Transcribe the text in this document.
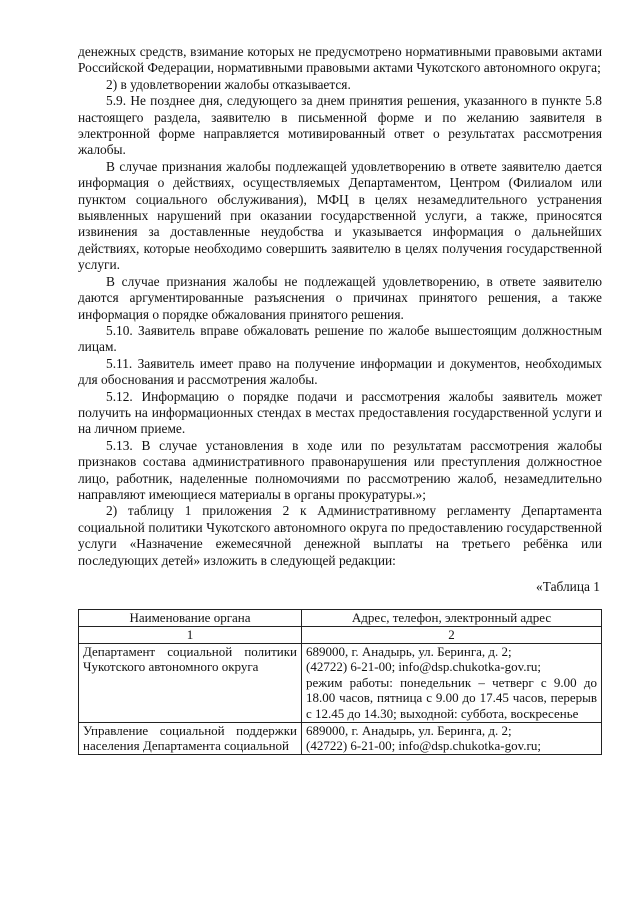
денежных средств, взимание которых не предусмотрено нормативными правовыми актами Российской Федерации, нормативными правовыми актами Чукотского автономного округа;

2) в удовлетворении жалобы отказывается.

5.9. Не позднее дня, следующего за днем принятия решения, указанного в пункте 5.8 настоящего раздела, заявителю в письменной форме и по желанию заявителя в электронной форме направляется мотивированный ответ о результатах рассмотрения жалобы.

В случае признания жалобы подлежащей удовлетворению в ответе заявителю дается информация о действиях, осуществляемых Департаментом, Центром (Филиалом или пунктом социального обслуживания), МФЦ в целях незамедлительного устранения выявленных нарушений при оказании государственной услуги, а также, приносятся извинения за доставленные неудобства и указывается информация о дальнейших действиях, которые необходимо совершить заявителю в целях получения государственной услуги.

В случае признания жалобы не подлежащей удовлетворению, в ответе заявителю даются аргументированные разъяснения о причинах принятого решения, а также информация о порядке обжалования принятого решения.

5.10. Заявитель вправе обжаловать решение по жалобе вышестоящим должностным лицам.

5.11. Заявитель имеет право на получение информации и документов, необходимых для обоснования и рассмотрения жалобы.

5.12. Информацию о порядке подачи и рассмотрения жалобы заявитель может получить на информационных стендах в местах предоставления государственной услуги и на личном приеме.

5.13. В случае установления в ходе или по результатам рассмотрения жалобы признаков состава административного правонарушения или преступления должностное лицо, работник, наделенные полномочиями по рассмотрению жалоб, незамедлительно направляют имеющиеся материалы в органы прокуратуры.»;

2) таблицу 1 приложения 2 к Административному регламенту Департамента социальной политики Чукотского автономного округа по предоставлению государственной услуги «Назначение ежемесячной денежной выплаты на третьего ребёнка или последующих детей» изложить в следующей редакции:

«Таблица 1
Наименование органа	Адрес, телефон, электронный адрес
1	2
Департамент социальной политики Чукотского автономного округа	689000, г. Анадырь, ул. Беринга, д. 2;
(42722) 6-21-00; info@dsp.chukotka-gov.ru;
режим работы: понедельник – четверг с 9.00 до 18.00 часов, пятница с 9.00 до 17.45 часов, перерыв с 12.45 до 14.30; выходной: суббота, воскресенье

Управление социальной поддержки населения Департамента социальной	689000, г. Анадырь, ул. Беринга, д. 2;
(42722) 6-21-00; info@dsp.chukotka-gov.ru;
